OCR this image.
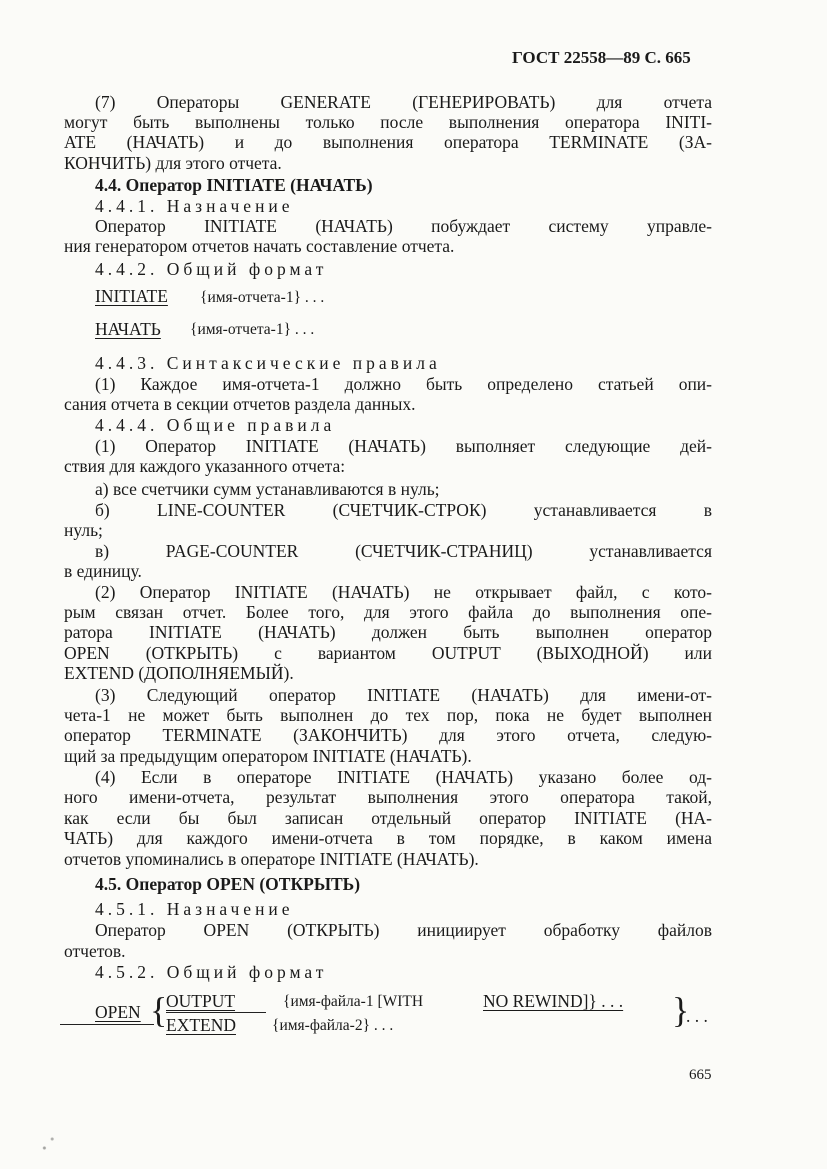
ГОСТ 22558—89 С. 665
(7) Операторы GENERATE (ГЕНЕРИРОВАТЬ) для отчета
могут быть выполнены только после выполнения оператора INITI-
ATE (НАЧАТЬ) и до выполнения оператора TERMINATE (ЗА-
КОНЧИТЬ) для этого отчета.
4.4. Оператор INITIATE (НАЧАТЬ)
4.4.1. Назначение
Оператор INITIATE (НАЧАТЬ) побуждает систему управле-
ния генератором отчетов начать составление отчета.
4.4.2. Общий формат
INITIATE {имя-отчета-1} . . .
НАЧАТЬ {имя-отчета-1} . . .
4.4.3. Синтаксические правила
(1) Каждое имя-отчета-1 должно быть определено статьей опи-
сания отчета в секции отчетов раздела данных.
4.4.4. Общие правила
(1) Оператор INITIATE (НАЧАТЬ) выполняет следующие дей-
ствия для каждого указанного отчета:
а) все счетчики сумм устанавливаются в нуль;
б) LINE-COUNTER (СЧЕТЧИК-СТРОК) устанавливается в
нуль;
в) PAGE-COUNTER (СЧЕТЧИК-СТРАНИЦ) устанавливается
в единицу.
(2) Оператор INITIATE (НАЧАТЬ) не открывает файл, с кото-
рым связан отчет. Более того, для этого файла до выполнения опе-
ратора INITIATE (НАЧАТЬ) должен быть выполнен оператор
OPEN (ОТКРЫТЬ) с вариантом OUTPUT (ВЫХОДНОЙ) или
EXTEND (ДОПОЛНЯЕМЫЙ).
(3) Следующий оператор INITIATE (НАЧАТЬ) для имени-от-
чета-1 не может быть выполнен до тех пор, пока не будет выполнен
оператор TERMINATE (ЗАКОНЧИТЬ) для этого отчета, следую-
щий за предыдущим оператором INITIATE (НАЧАТЬ).
(4) Если в операторе INITIATE (НАЧАТЬ) указано более од-
ного имени-отчета, результат выполнения этого оператора такой,
как если бы был записан отдельный оператор INITIATE (НА-
ЧАТЬ) для каждого имени-отчета в том порядке, в каком имена
отчетов упоминались в операторе INITIATE (НАЧАТЬ).
4.5. Оператор OPEN (ОТКРЫТЬ)
4.5.1. Назначение
Оператор OPEN (ОТКРЫТЬ) инициирует обработку файлов
отчетов.
4.5.2. Общий формат
OPEN {
OUTPUT	{имя-файла-1 [WITH	NO REWIND]} . . .
EXTEND {имя-файла-2} . . .	}
. . .
665
